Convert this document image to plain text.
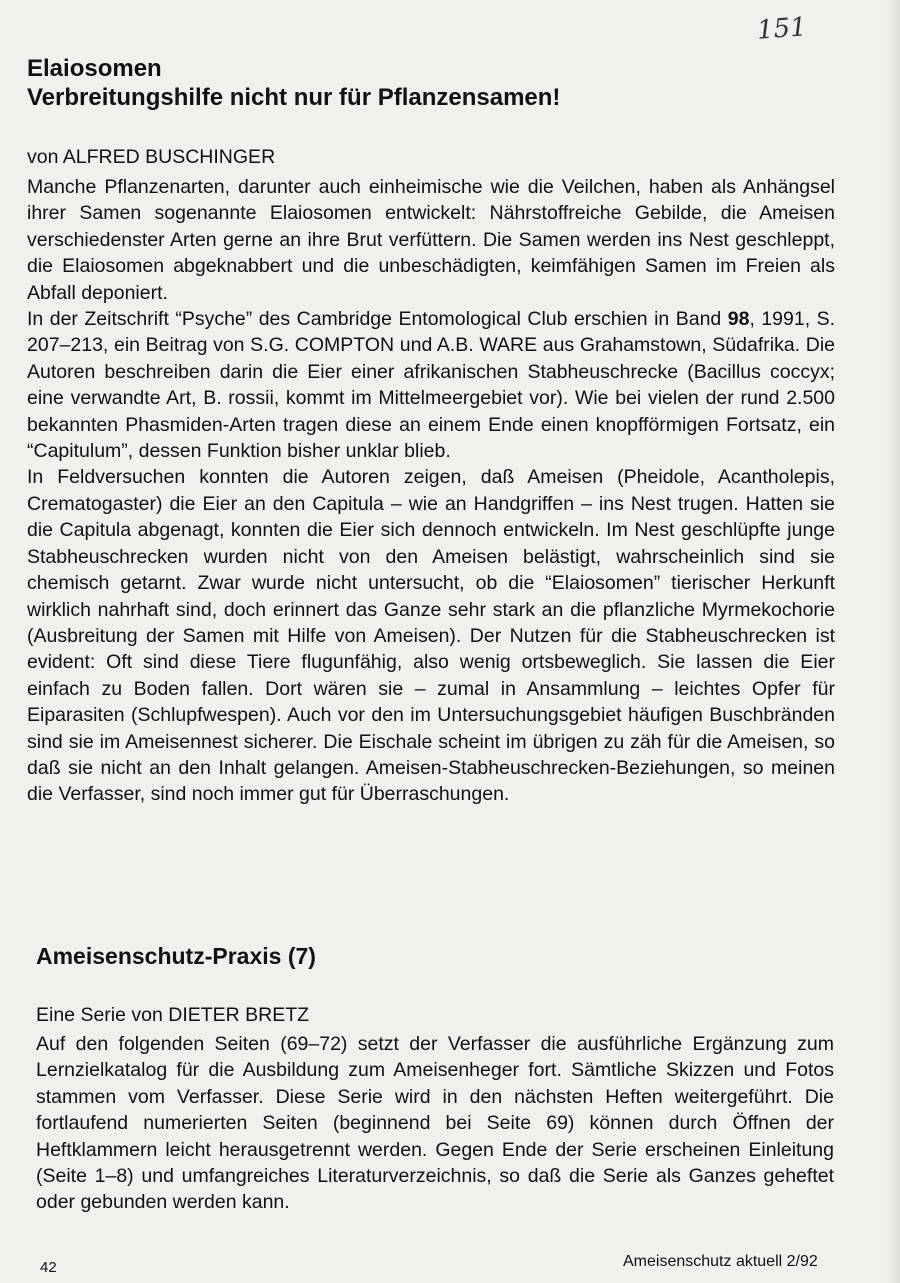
151
Elaiosomen
Verbreitungshilfe nicht nur für Pflanzensamen!
von ALFRED BUSCHINGER

Manche Pflanzenarten, darunter auch einheimische wie die Veilchen, haben als Anhängsel ihrer Samen sogenannte Elaiosomen entwickelt: Nährstoffreiche Gebilde, die Ameisen verschiedenster Arten gerne an ihre Brut verfüttern. Die Samen werden ins Nest geschleppt, die Elaiosomen abgeknabbert und die unbeschädigten, keimfähigen Samen im Freien als Abfall deponiert.

In der Zeitschrift “Psyche” des Cambridge Entomological Club erschien in Band 98, 1991, S. 207–213, ein Beitrag von S.G. COMPTON und A.B. WARE aus Grahamstown, Südafrika. Die Autoren beschreiben darin die Eier einer afrikanischen Stabheuschrecke (Bacillus coccyx; eine verwandte Art, B. rossii, kommt im Mittelmeergebiet vor). Wie bei vielen der rund 2.500 bekannten Phasmiden-Arten tragen diese an einem Ende einen knopfförmigen Fortsatz, ein “Capitulum”, dessen Funktion bisher unklar blieb.

In Feldversuchen konnten die Autoren zeigen, daß Ameisen (Pheidole, Acantholepis, Crematogaster) die Eier an den Capitula – wie an Handgriffen – ins Nest trugen. Hatten sie die Capitula abgenagt, konnten die Eier sich dennoch entwickeln. Im Nest geschlüpfte junge Stabheuschrecken wurden nicht von den Ameisen belästigt, wahrscheinlich sind sie chemisch getarnt. Zwar wurde nicht untersucht, ob die “Elaiosomen” tierischer Herkunft wirklich nahrhaft sind, doch erinnert das Ganze sehr stark an die pflanzliche Myrmekochorie (Ausbreitung der Samen mit Hilfe von Ameisen). Der Nutzen für die Stabheuschrecken ist evident: Oft sind diese Tiere flugunfähig, also wenig ortsbeweglich. Sie lassen die Eier einfach zu Boden fallen. Dort wären sie – zumal in Ansammlung – leichtes Opfer für Eiparasiten (Schlupfwespen). Auch vor den im Untersuchungsgebiet häufigen Buschbränden sind sie im Ameisennest sicherer. Die Eischale scheint im übrigen zu zäh für die Ameisen, so daß sie nicht an den Inhalt gelangen. Ameisen-Stabheuschrecken-Beziehungen, so meinen die Verfasser, sind noch immer gut für Überraschungen.

Ameisenschutz-Praxis (7)
Eine Serie von DIETER BRETZ

Auf den folgenden Seiten (69–72) setzt der Verfasser die ausführliche Ergänzung zum Lernzielkatalog für die Ausbildung zum Ameisenheger fort. Sämtliche Skizzen und Fotos stammen vom Verfasser. Diese Serie wird in den nächsten Heften weitergeführt. Die fortlaufend numerierten Seiten (beginnend bei Seite 69) können durch Öffnen der Heftklammern leicht herausgetrennt werden. Gegen Ende der Serie erscheinen Einleitung (Seite 1–8) und umfangreiches Literaturverzeichnis, so daß die Serie als Ganzes geheftet oder gebunden werden kann.

42	Ameisenschutz aktuell 2/92
